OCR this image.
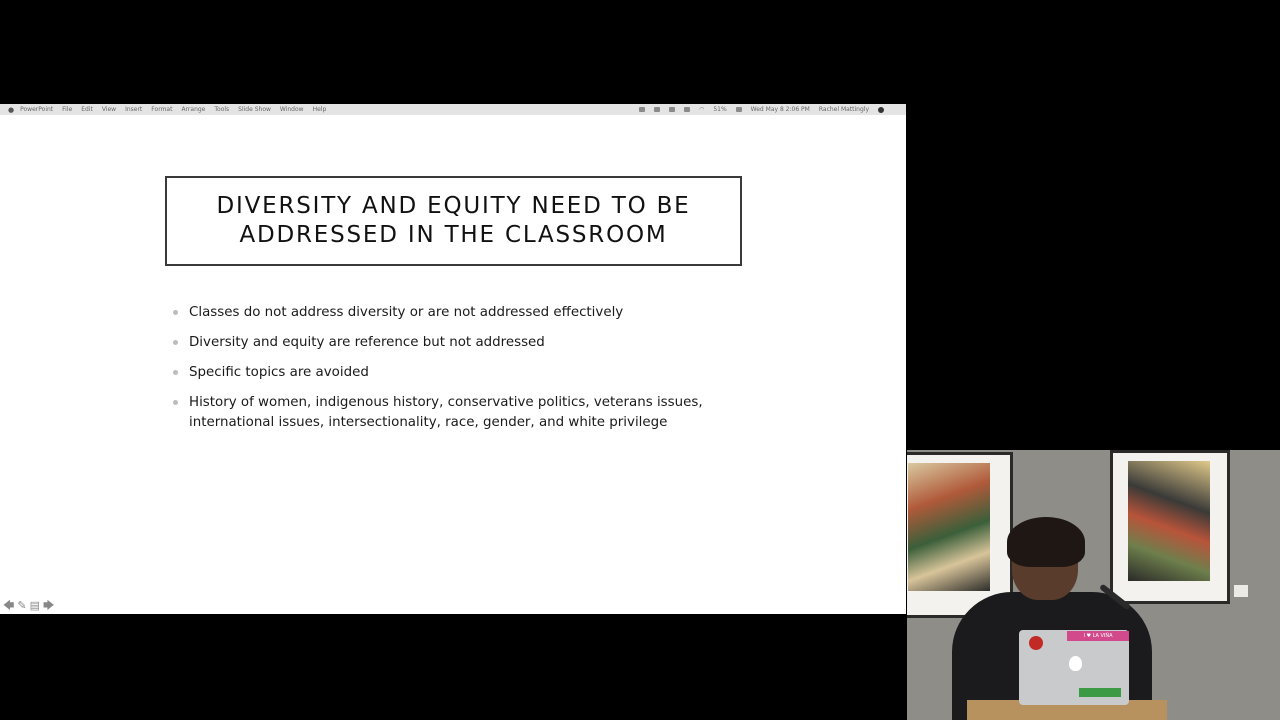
● PowerPoint File Edit View Insert Format Arrange Tools Slide Show Window Help	◠ 51%	Wed May 8 2:06 PM Rachel Mattingly
DIVERSITY AND EQUITY NEED TO BE
ADDRESSED IN THE CLASSROOM
Classes do not address diversity or are not addressed effectively
Diversity and equity are reference but not addressed
Specific topics are avoided
History of women, indigenous history, conservative politics, veterans issues, international issues, intersectionality, race, gender, and white privilege
🡄 ✎ ▤ 🡆
I ♥ LA VIÑA
